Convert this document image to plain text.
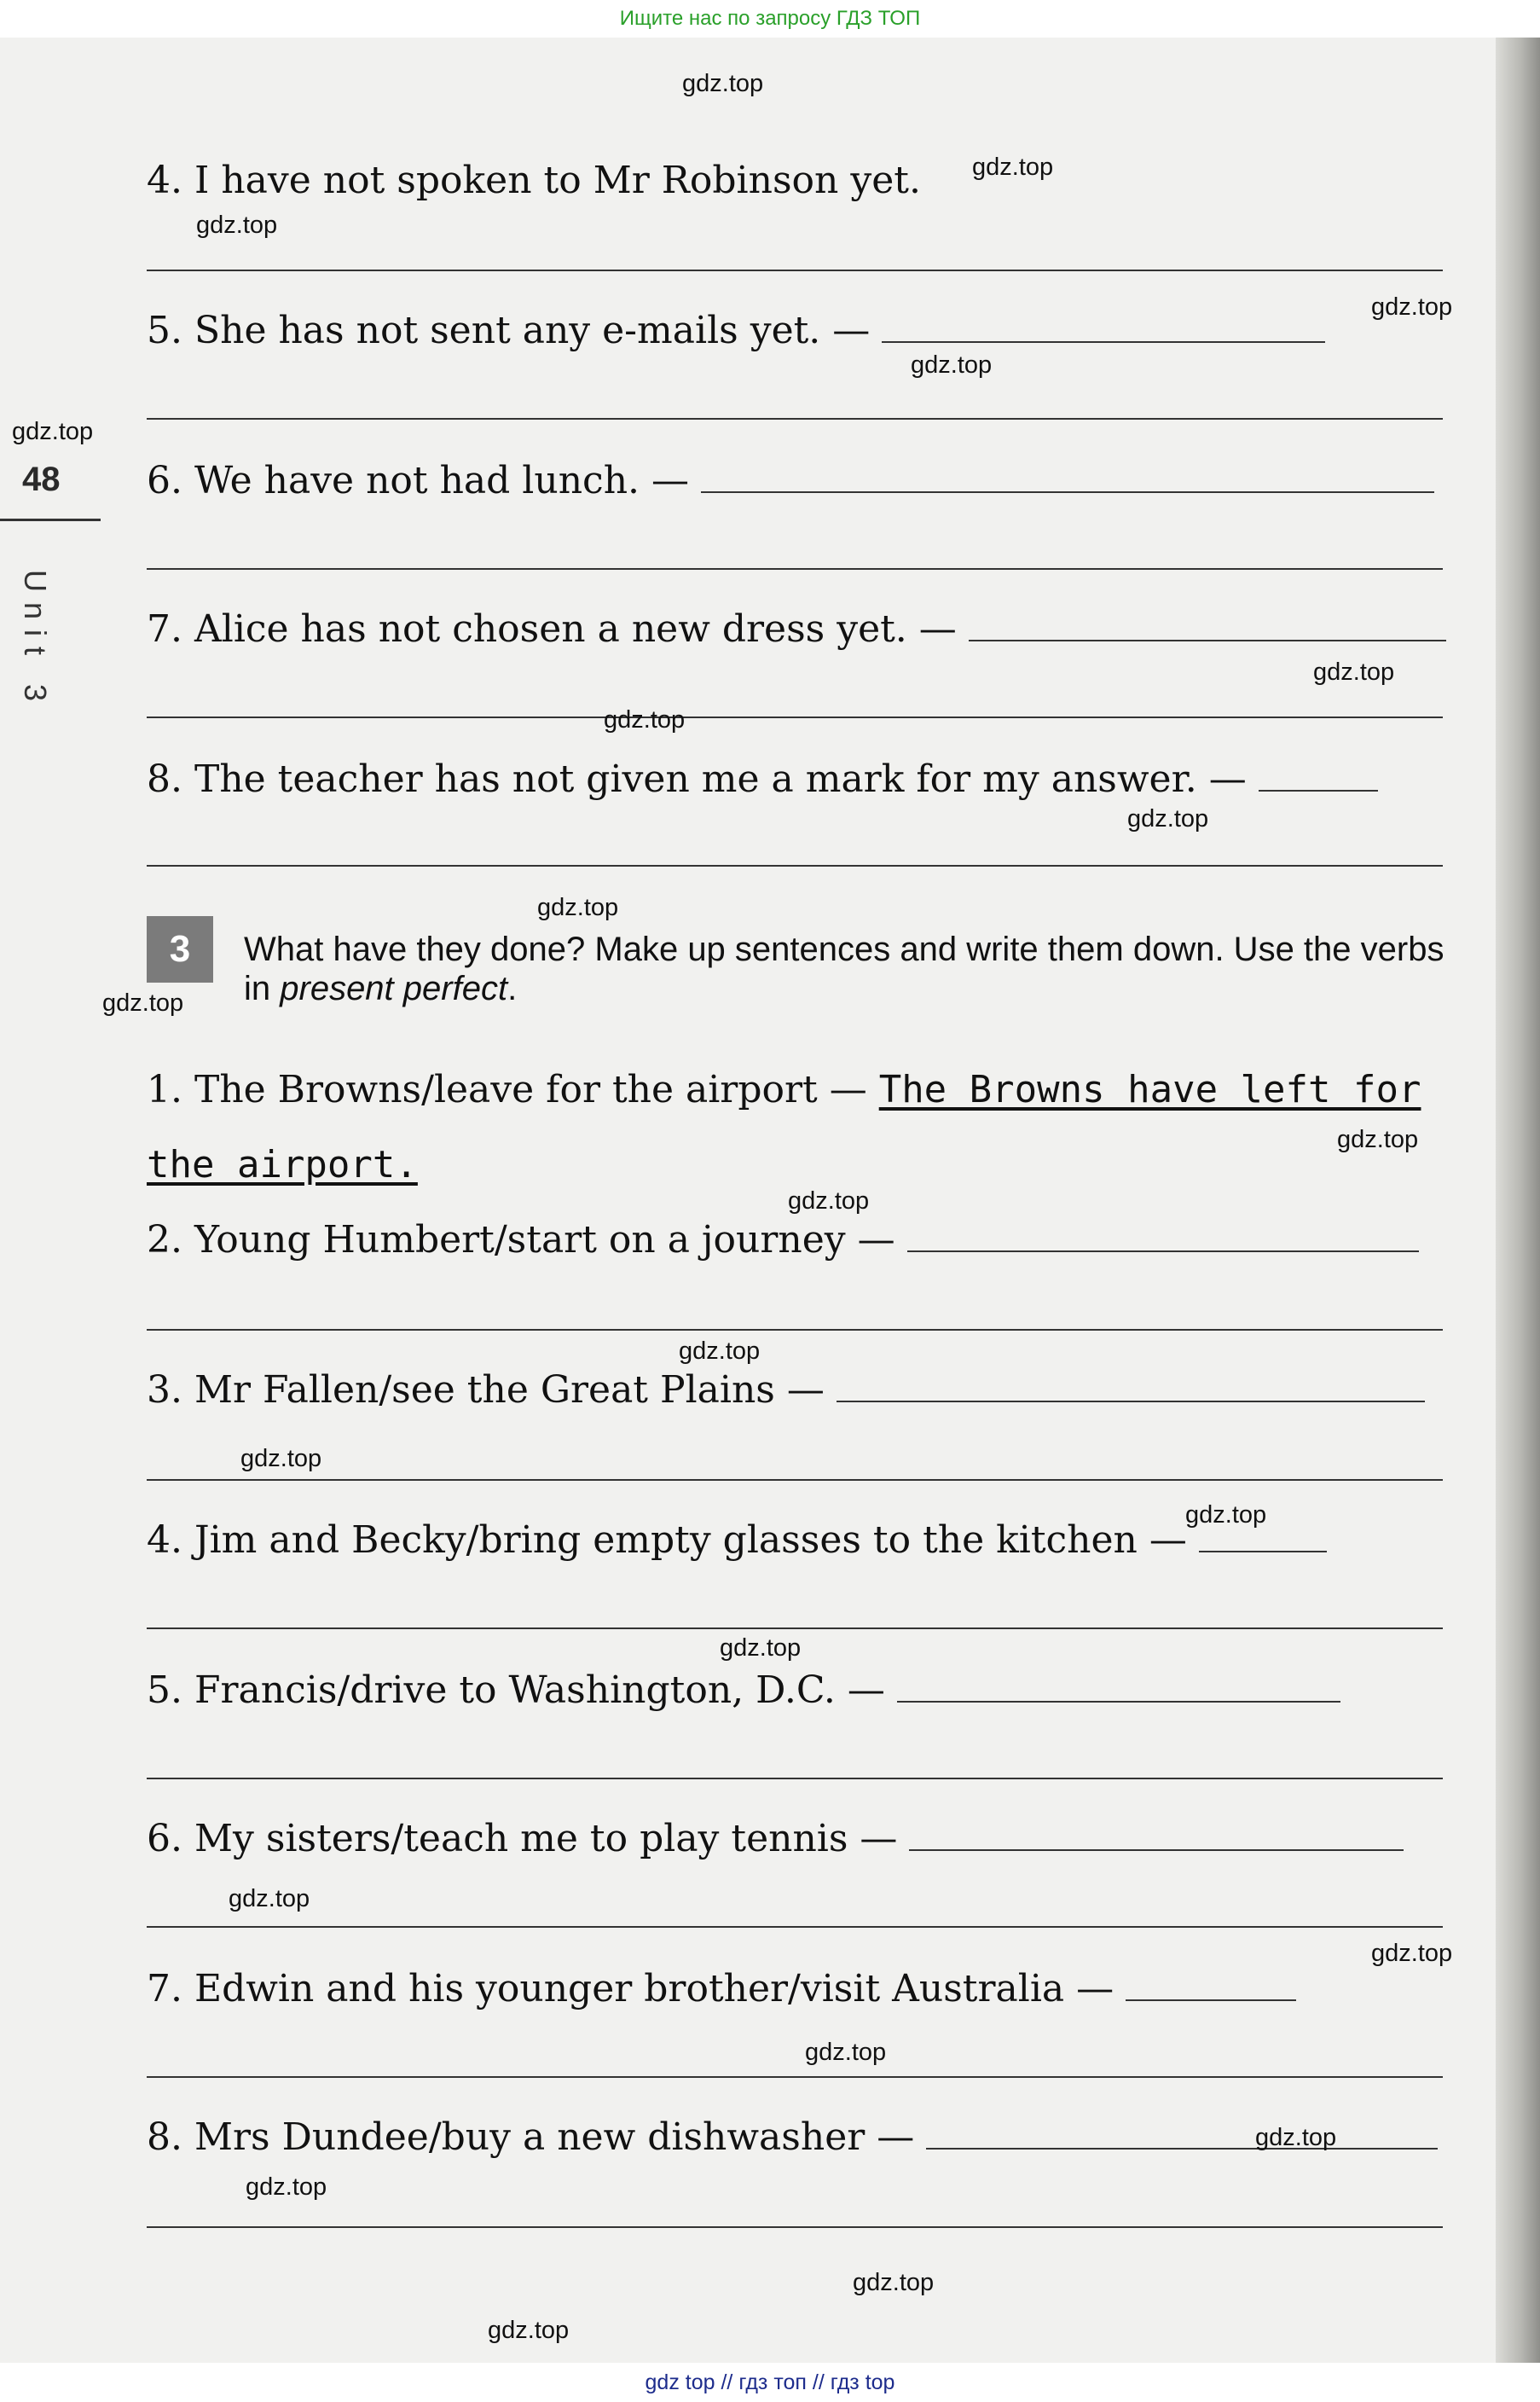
Ищите нас по запросу ГДЗ ТОП
48
Unit 3
4. I have not spoken to Mr Robinson yet.
5. She has not sent any e-mails yet. —
6. We have not had lunch. —
7. Alice has not chosen a new dress yet. —
8. The teacher has not given me a mark for my answer. —
3	What have they done? Make up sentences and write them down. Use the verbs in present perfect.
1. The Browns/leave for the airport — The Browns have left for
the airport.
2. Young Humbert/start on a journey —
3. Mr Fallen/see the Great Plains —
4. Jim and Becky/bring empty glasses to the kitchen —
5. Francis/drive to Washington, D.C. —
6. My sisters/teach me to play tennis —
7. Edwin and his younger brother/visit Australia —
8. Mrs Dundee/buy a new dishwasher —
gdz.top
gdz.top
gdz.top
gdz.top
gdz.top
gdz.top
gdz.top
gdz.top
gdz.top
gdz.top
gdz.top
gdz.top
gdz.top
gdz.top
gdz.top
gdz.top
gdz.top
gdz.top
gdz.top
gdz.top
gdz.top
gdz.top
gdz.top
gdz.top
gdz top // гдз топ // гдз top
